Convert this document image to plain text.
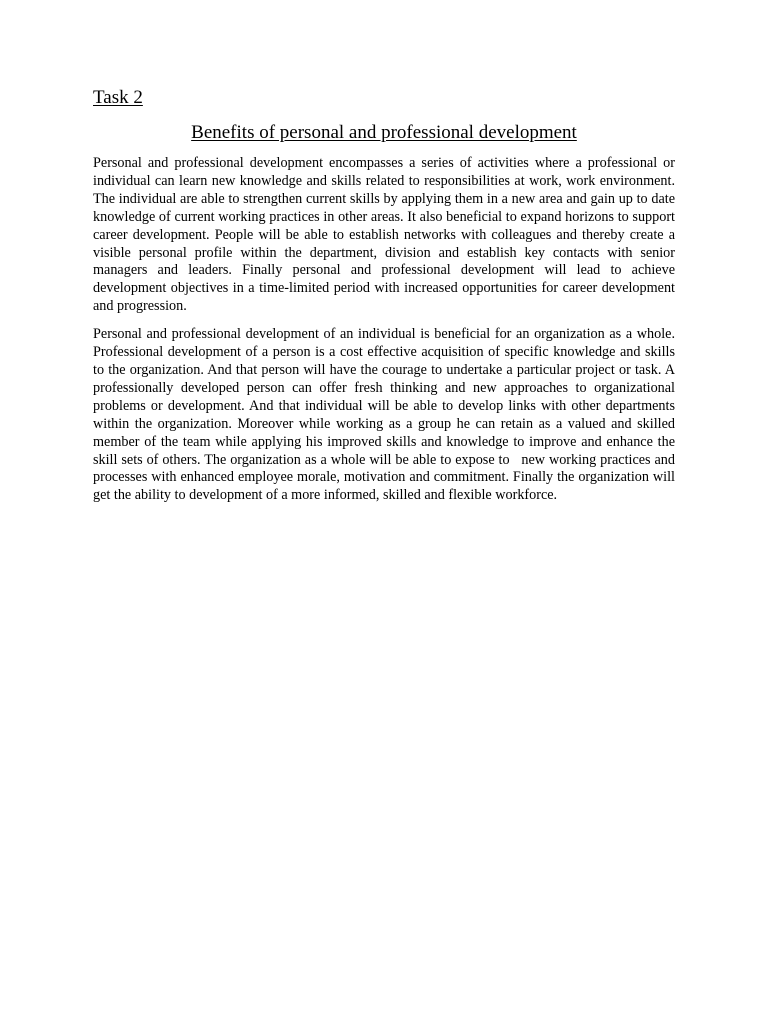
Task 2
Benefits of personal and professional development

Personal and professional development encompasses a series of activities where a professional or individual can learn new knowledge and skills related to responsibilities at work, work environment. The individual are able to strengthen current skills by applying them in a new area and gain up to date knowledge of current working practices in other areas. It also beneficial to expand horizons to support career development. People will be able to establish networks with colleagues and thereby create a visible personal profile within the department, division and establish key contacts with senior managers and leaders. Finally personal and professional development will lead to achieve development objectives in a time-limited period with increased opportunities for career development and progression.

Personal and professional development of an individual is beneficial for an organization as a whole. Professional development of a person is a cost effective acquisition of specific knowledge and skills to the organization. And that person will have the courage to undertake a particular project or task. A professionally developed person can offer fresh thinking and new approaches to organizational problems or development. And that individual will be able to develop links with other departments within the organization. Moreover while working as a group he can retain as a valued and skilled member of the team while applying his improved skills and knowledge to improve and enhance the skill sets of others. The organization as a whole will be able to expose to   new working practices and processes with enhanced employee morale, motivation and commitment. Finally the organization will get the ability to development of a more informed, skilled and flexible workforce.
